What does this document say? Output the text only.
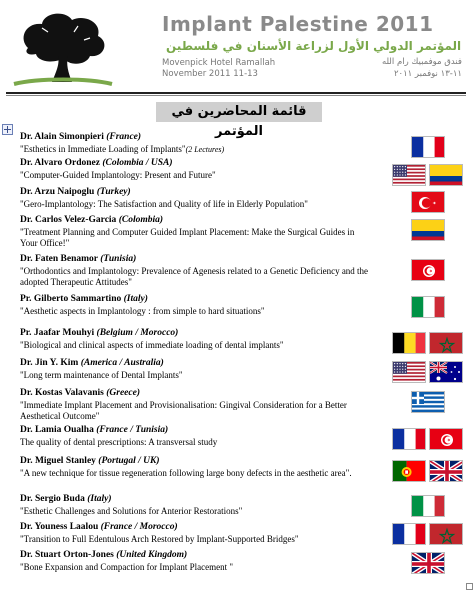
Implant Palestine 2011
المؤتمر الدولي الأول لزراعة الأسنان في فلسطين
Movenpick Hotel Ramallah
November 2011 11-13
فندق موفمبيك رام الله
١١-١٣ نوفمبر ٢٠١١
قائمة المحاضرين في المؤتمر
Dr. Alain Simonpieri (France)
"Esthetics in Immediate Loading of Implants"(2 Lectures)
Dr. Alvaro Ordonez (Colombia / USA)
"Computer-Guided Implantology: Present and Future"
Dr. Arzu Naipoglu (Turkey)
"Gero-Implantology: The Satisfaction and Quality of life in Elderly Population"
Dr. Carlos Velez-Garcia (Colombia)
"Treatment Planning and Computer Guided Implant Placement: Make the Surgical Guides in Your Office!"
Dr. Faten Benamor (Tunisia)
"Orthodontics and Implantology: Prevalence of Agenesis related to a Genetic Deficiency and the adopted Therapeutic Attitudes"
Pr. Gilberto Sammartino (Italy)
"Aesthetic aspects in Implantology : from simple to hard situations"
Pr. Jaafar Mouhyi (Belgium / Morocco)
"Biological and clinical aspects of immediate loading of dental implants"
Dr. Jin Y. Kim (America / Australia)
"Long term maintenance of Dental Implants"
Dr. Kostas Valavanis (Greece)
"Immediate Implant Placement and Provisionalisation: Gingival Consideration for a Better Aesthetical Outcome"
Dr. Lamia Oualha (France / Tunisia)
The quality of dental prescriptions: A transversal study
Dr. Miguel Stanley (Portugal / UK)
"A new technique for tissue regeneration following large bony defects in the aesthetic area".
Dr. Sergio Buda (Italy)
"Esthetic Challenges and Solutions for Anterior Restorations"
Dr. Youness Laalou (France / Morocco)
"Transition to Full Edentulous Arch Restored by Implant-Supported Bridges"
Dr. Stuart Orton-Jones (United Kingdom)
"Bone Expansion and Compaction for Implant Placement "
